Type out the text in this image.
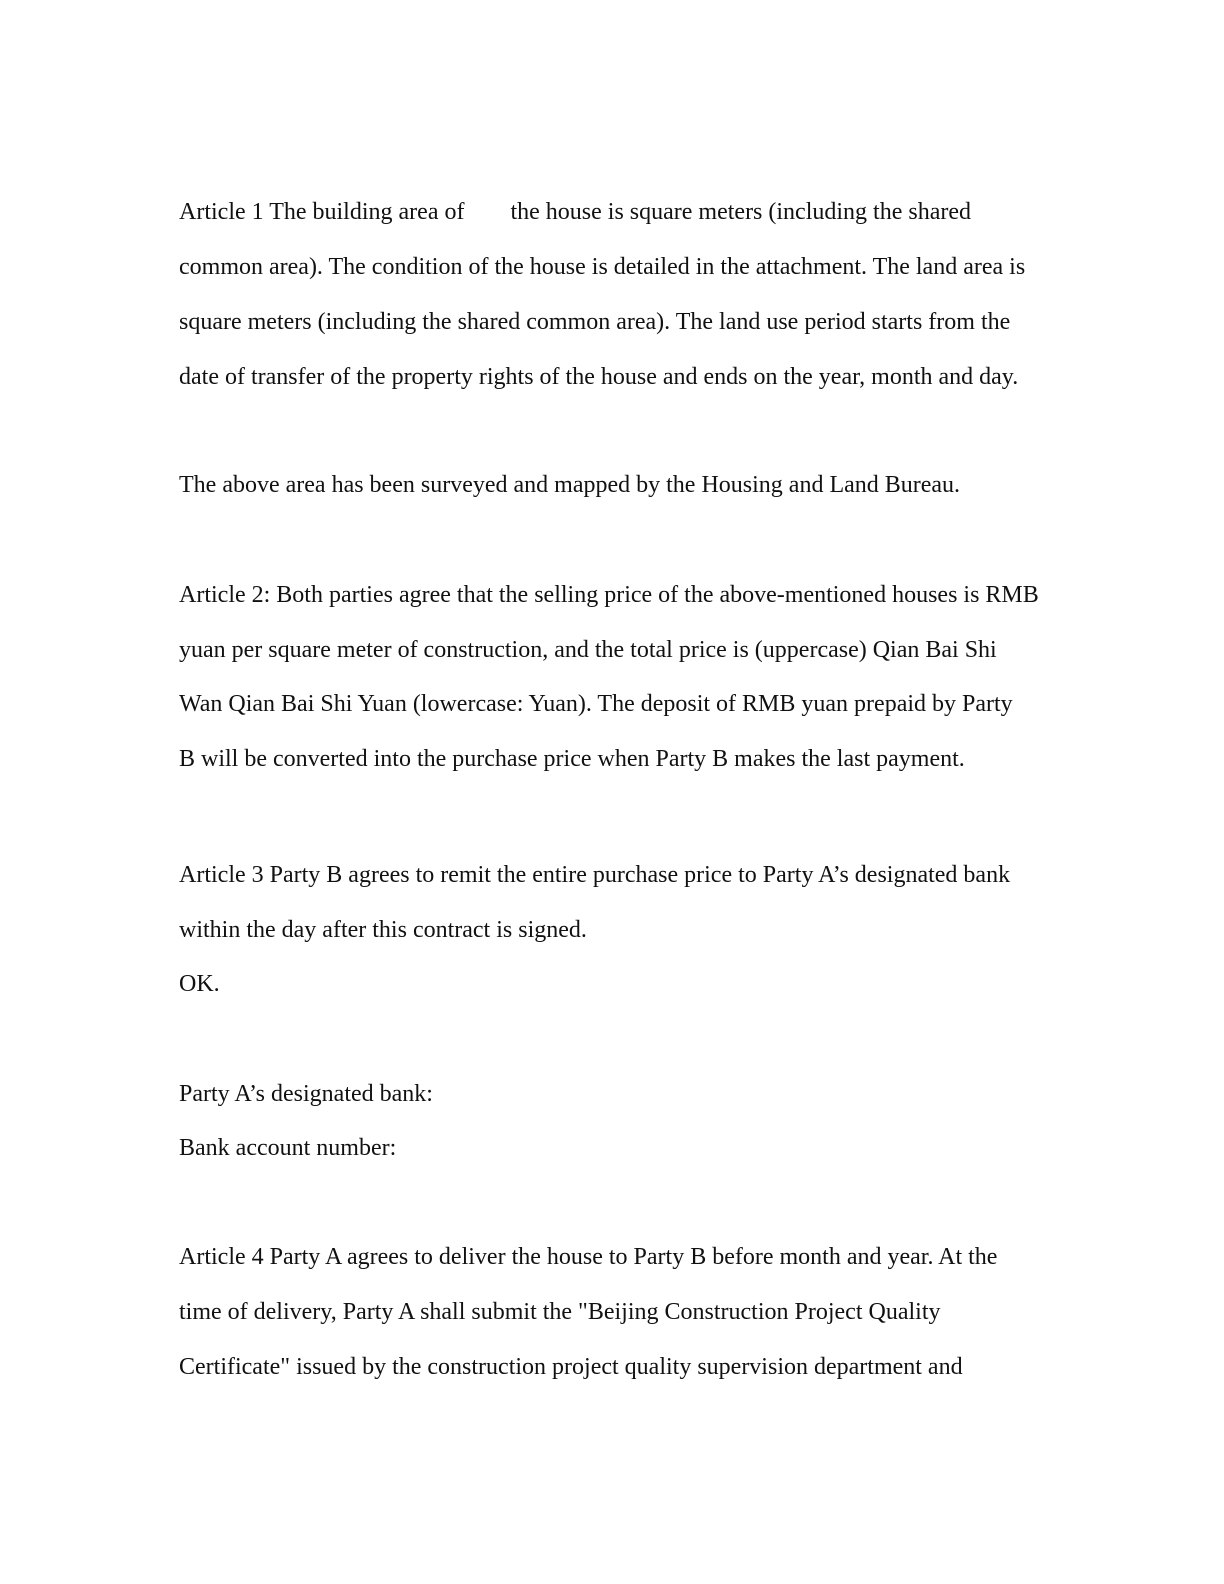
Article 1 The building area of the house is square meters (including the shared
common area). The condition of the house is detailed in the attachment. The land area is
square meters (including the shared common area). The land use period starts from the
date of transfer of the property rights of the house and ends on the year, month and day.
The above area has been surveyed and mapped by the Housing and Land Bureau.
Article 2: Both parties agree that the selling price of the above-mentioned houses is RMB
yuan per square meter of construction, and the total price is (uppercase) Qian Bai Shi
Wan Qian Bai Shi Yuan (lowercase: Yuan). The deposit of RMB yuan prepaid by Party
B will be converted into the purchase price when Party B makes the last payment.
Article 3 Party B agrees to remit the entire purchase price to Party A’s designated bank
within the day after this contract is signed.
OK.
Party A’s designated bank:
Bank account number:
Article 4 Party A agrees to deliver the house to Party B before month and year. At the
time of delivery, Party A shall submit the "Beijing Construction Project Quality
Certificate" issued by the construction project quality supervision department and
